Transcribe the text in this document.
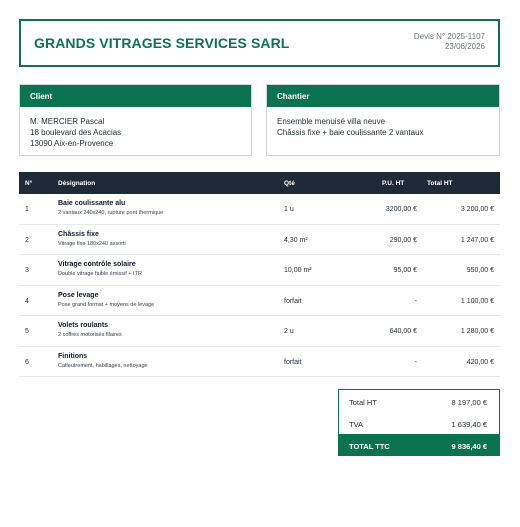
GRANDS VITRAGES SERVICES SARL	Devis N° 2025-1107
23/06/2026
Client
M. MERCIER Pascal
18 boulevard des Acacias
13090 Aix-en-Provence
Chantier
Ensemble menuisé villa neuve
Châssis fixe + baie coulissante 2 vantaux
N°	Désignation	Qté	P.U. HT	Total HT
1
Baie coulissante alu
2 vantaux 240x240, rupture pont thermique	1 u	3200,00 €	3 200,00 €
2
Châssis fixe
Vitrage fixe 180x240 assorti	4,30 m²	290,00 €	1 247,00 €
3
Vitrage contrôle solaire
Double vitrage faible émissif + ITR	10,00 m²	95,00 €	950,00 €
4
Pose levage
Pose grand format + moyens de levage	forfait	-	1 100,00 €
5
Volets roulants
2 coffres motorisés filaires	2 u	640,00 €	1 280,00 €
6
Finitions
Calfeutrement, habillages, nettoyage	forfait	-	420,00 €
Total HT	8 197,00 €
TVA	1 639,40 €
TOTAL TTC	9 836,40 €
